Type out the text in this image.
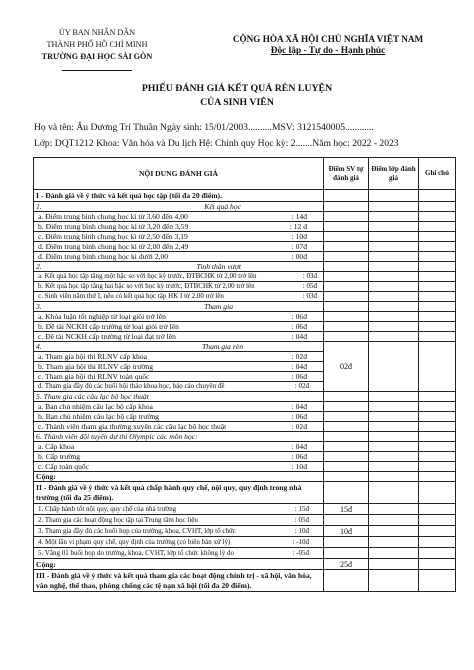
ỦY BAN NHÂN DÂN
THÀNH PHỐ HỒ CHÍ MINH
TRƯỜNG ĐẠI HỌC SÀI GÒN
CỘNG HÒA XÃ HỘI CHỦ NGHĨA VIỆT NAM
Độc lập - Tự do - Hạnh phúc
PHIẾU ĐÁNH GIÁ KẾT QUẢ RÈN LUYỆN
CỦA SINH VIÊN
Họ và tên: Âu Dương Trí Thuần Ngày sinh: 15/01/2003..........MSV: 3121540005............
Lớp: DQT1212 Khoa: Văn hóa và Du lịch Hệ: Chính quy Học kỳ: 2.......Năm học: 2022 - 2023
NỘI DUNG ĐÁNH GIÁ	Điểm SV tự đánh giá	Điểm lớp đánh giá	Ghi chú
I - Đánh giá về ý thức và kết quả học tập (tối đa 20 điểm).			

1. Kết quả học			

a. Điểm trung bình chung học kì từ 3,60 đến 4,00 : 14đ			

b. Điểm trung bình chung học kì từ 3,20 đến 3,59 : 12 đ			

c. Điểm trung bình chung học kì từ 2,50 đến 3,19 : 10đ			

d. Điểm trung bình chung học kì từ 2,00 đến 2,49 : 07đ			

đ. Điểm trung bình chung học kì dưới 2,00 : 00đ			

2. Tinh thần vượt			

a. Kết quả học tập tăng một bậc so với học kỳ trước, ĐTBCHK từ 2,00 trở lên : 03đ			

b. Kết quả học tập tăng hai bậc so với học kỳ trước, ĐTBCHK từ 2,00 trở lên : 05đ			

c. Sinh viên năm thứ I, nếu có kết quả học tập HK I từ 2,00 trở lên : 03đ			

3. Tham gia			

a. Khóa luận tốt nghiệp từ loại giỏi trở lên : 06đ			

b. Đề tài NCKH cấp trường từ loại giỏi trở lên : 06đ			

c. Đề tài NCKH cấp trường từ loại đạt trở lên : 04đ			

4. Tham gia rèn	02đ		

a. Tham gia hội thi RLNV cấp khoa : 02đ			

b. Tham gia hội thi RLNV cấp trường : 04đ			

c. Tham gia hội thi RLNV toàn quốc : 06đ			

d. Tham gia đầy đủ các buổi hội thảo khoa học, báo cáo chuyên đề : 02đ			

5. Tham gia các câu lạc bộ học thuật			

a. Ban chủ nhiệm câu lạc bộ cấp khoa : 04đ			

b. Ban chủ nhiệm câu lạc bộ cấp trường : 06đ			

c. Thành viên tham gia thường xuyên các câu lạc bộ học thuật : 02đ			

6. Thành viên đội tuyển dự thi Olympic các môn học:			

a. Cấp khoa : 04đ			

b. Cấp trường : 06đ			

c. Cấp toàn quốc : 10đ			

Cộng:			
II - Đánh giá về ý thức và kết quả chấp hành quy chế, nội quy, quy định trong nhà trường (tối đa 25 điểm).			

1. Chấp hành tốt nội quy, quy chế của nhà trường : 15đ	15đ		

2. Tham gia các hoạt động học tập tại Trung tâm học liệu : 05đ			

3. Tham gia đầy đủ các buổi họp của trường, khoa, CVHT, lớp tổ chức : 10đ	10đ		

4. Một lần vi phạm quy chế, quy định của trường (có biên bản xử lý) : -10đ			

5. Vắng 01 buổi họp do trường, khoa, CVHT, lớp tổ chức không lý do : -05đ			

Cộng:	25đ		
III - Đánh giá về ý thức và kết quả tham gia các hoạt động chính trị - xã hội, văn hóa, văn nghệ, thể thao, phòng chống các tệ nạn xã hội (tối đa 20 điểm).			
